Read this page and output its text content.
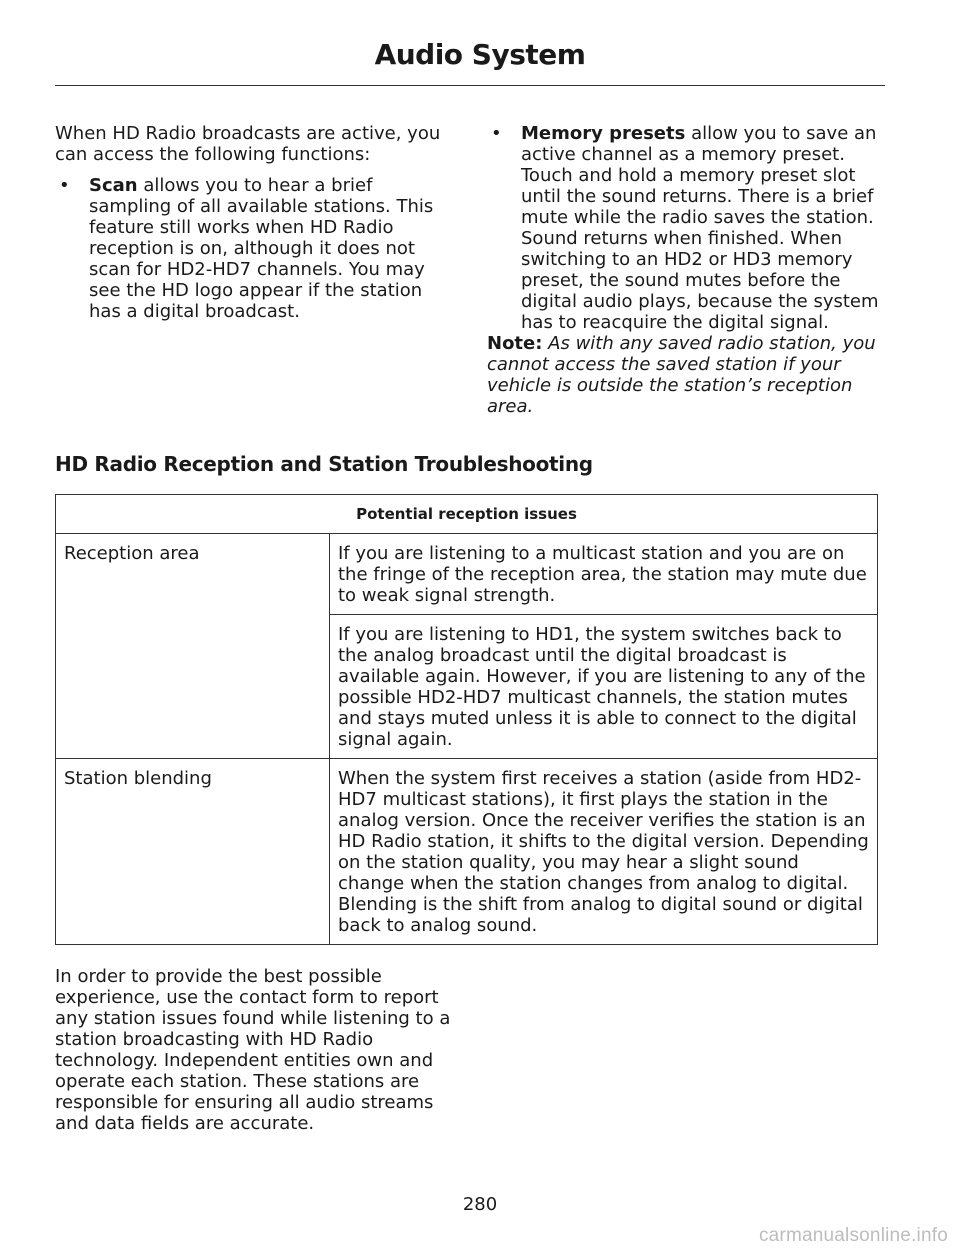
Audio System

When HD Radio broadcasts are active, you can access the following functions:

• Scan allows you to hear a brief sampling of all available stations. This feature still works when HD Radio reception is on, although it does not scan for HD2-HD7 channels. You may see the HD logo appear if the station has a digital broadcast.

• Memory presets allow you to save an active channel as a memory preset. Touch and hold a memory preset slot until the sound returns. There is a brief mute while the radio saves the station. Sound returns when finished. When switching to an HD2 or HD3 memory preset, the sound mutes before the digital audio plays, because the system has to reacquire the digital signal.

Note: As with any saved radio station, you cannot access the saved station if your vehicle is outside the station’s reception area.

HD Radio Reception and Station Troubleshooting
Potential reception issues	
Reception area	If you are listening to a multicast station and you are on the fringe of the reception area, the station may mute due to weak signal strength.
	If you are listening to HD1, the system switches back to the analog broadcast until the digital broadcast is available again. However, if you are listening to any of the possible HD2-HD7 multicast channels, the station mutes and stays muted unless it is able to connect to the digital signal again.
Station blending	When the system first receives a station (aside from HD2-HD7 multicast stations), it first plays the station in the analog version. Once the receiver verifies the station is an HD Radio station, it shifts to the digital version. Depending on the station quality, you may hear a slight sound change when the station changes from analog to digital. Blending is the shift from analog to digital sound or digital back to analog sound.

In order to provide the best possible experience, use the contact form to report any station issues found while listening to a station broadcasting with HD Radio technology. Independent entities own and operate each station. These stations are responsible for ensuring all audio streams and data fields are accurate.

280
carmanualsonline.info
